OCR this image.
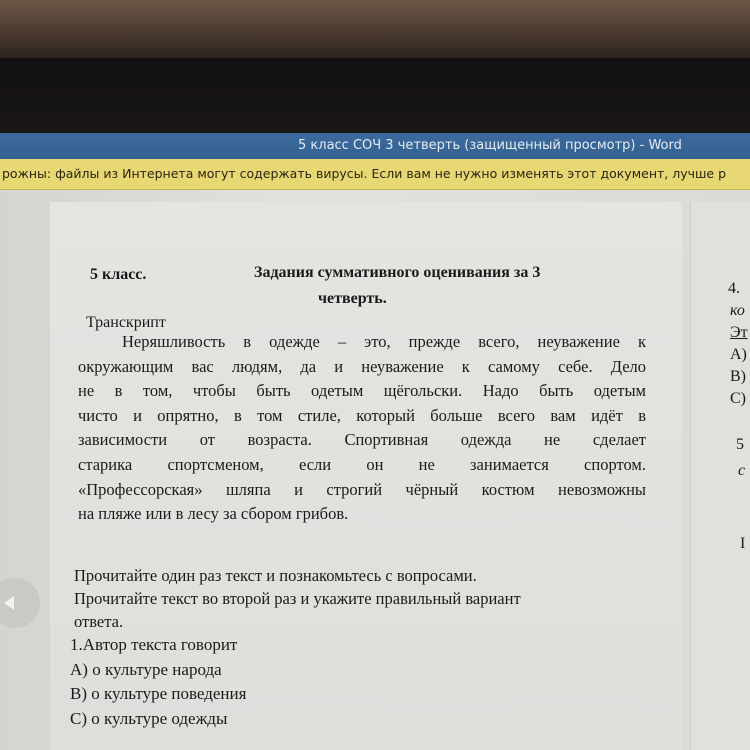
5 класс СОЧ 3 четверть (защищенный просмотр) - Word
рожны: файлы из Интернета могут содержать вирусы. Если вам не нужно изменять этот документ, лучше р
5 класс.	Задания суммативного оценивания за 3
четверть.
Транскрипт
Неряшливость в одежде – это, прежде всего, неуважение к
окружающим вас людям, да и неуважение к самому себе. Дело
не в том, чтобы быть одетым щёгольски. Надо быть одетым
чисто и опрятно, в том стиле, который больше всего вам идёт в
зависимости от возраста. Спортивная одежда не сделает
старика спортсменом, если он не занимается спортом.
«Профессорская» шляпа и строгий чёрный костюм невозможны
на пляже или в лесу за сбором грибов.
Прочитайте один раз текст и познакомьтесь с вопросами.
Прочитайте текст во второй раз и укажите правильный вариант
ответа.
1.Автор текста говорит
А) о культуре народа
В) о культуре поведения
С) о культуре одежды
4.
ко
Эт
А)
В)
С)
5
с
I
